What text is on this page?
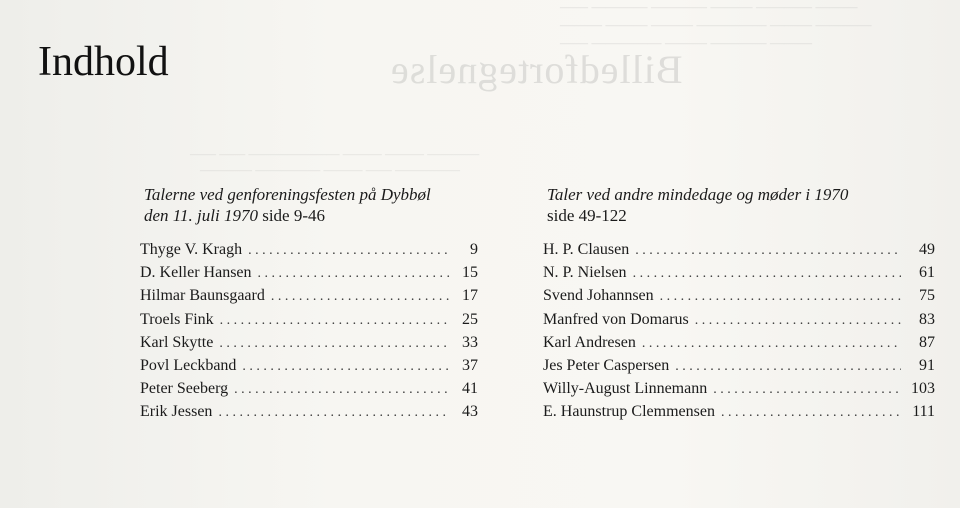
Billedfortegnelse
——— ———— ——— ———— ———— ——
———— ——— ————— ——— ——— ———
——— ———— ——— ————— ——
———— ——— ——— ——————— —— ——
————— —— ——— ————— ————
Indhold
Talerne ved genforeningsfesten på Dybbøl
den 11. juli 1970 side 9-46
Thyge V. Kragh . . .	9
D. Keller Hansen . . .	15
Hilmar Baunsgaard . . .	17
Troels Fink . . .	25
Karl Skytte . . .	33
Povl Leckband . . .	37
Peter Seeberg . . .	41
Erik Jessen . . .	43
Taler ved andre mindedage og møder i 1970
side 49-122
H. P. Clausen . . .	49
N. P. Nielsen . . .	61
Svend Johannsen . . .	75
Manfred von Domarus . . .	83
Karl Andresen . . .	87
Jes Peter Caspersen . . .	91
Willy-August Linnemann . . .	103
E. Haunstrup Clemmensen . . .	111
